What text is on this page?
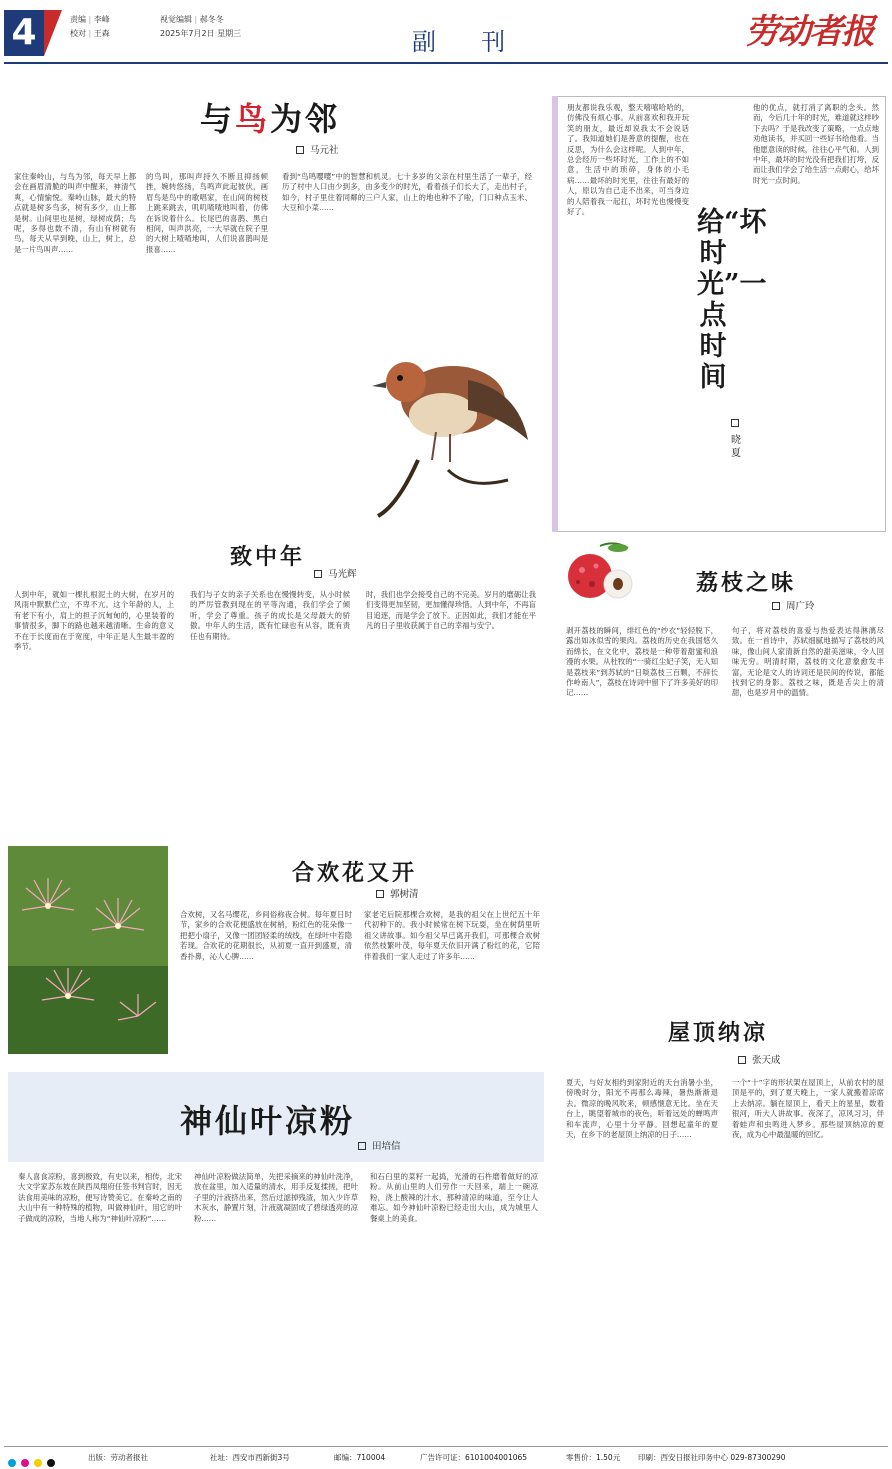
4	责编 | 李峰
校对 | 王森
视觉编辑 | 郝冬冬
2025年7月2日 星期三	副  刊	劳动者报
与鸟为邻
马元社
家住秦岭山，与鸟为邻，每天早上都会在画眉清脆的叫声中醒来，神清气爽，心情愉悦。秦岭山脉，最大的特点就是树多鸟多，树有多少，山上都是树。山间里也是树，绿树成荫；鸟呢，多得也数不清，有山有树就有鸟，每天从早到晚，山上，树上，总是一片鸟叫声……
的鸟叫，那叫声持久不断且抑扬顿挫，婉转悠扬，鸟鸣声此起彼伏，画眉鸟是鸟中的歌唱家，在山间的树枝上跳来跳去，叽叽喳喳地叫着，仿佛在诉说着什么。长尾巴的喜鹊、黑白相间，叫声洪亮，一大早就在院子里的大树上喳喳地叫，人们说喜鹊叫是报喜……
看到“鸟鸣嘤嘤”中的智慧和机灵。七十多岁的父亲在村里生活了一辈子，经历了村中人口由少到多，由多变少的时光，看着孩子们长大了，走出村子，如今，村子里住着同鄰的三户人家，山上的地也种不了啦，门口种点玉米、大豆和小菜……
朋友都说我乐观，整天嘻嘻哈哈的，仿佛没有烦心事。从前喜欢和我开玩笑的朋友，最近却说我太不会说话了。我知道她们是善意的提醒，也在反思，为什么会这样呢。人到中年，总会经历一些坏时光，工作上的不如意，生活中的琐碎，身体的小毛病……最坏的时光里，往往有最好的人，原以为自己走不出来，可当身边的人陪着我一起扛，坏时光也慢慢变好了。	给“坏时光”一点时间
晓夏
他的优点，就打消了离职的念头。然而，今后几十年的时光，难道就这样吵下去吗？于是我改变了策略，一点点地劝他读书，并买回一些好书给他看。当他愿意读的时候，往往心平气和。人到中年，最坏的时光没有把我们打垮，反而让我们学会了给生活一点耐心，给坏时光一点时间。
致中年
马光辉
人到中年，就如一棵扎根泥土的大树，在岁月的风雨中默默伫立，不卑不亢。这个年龄的人，上有老下有小，肩上的担子沉甸甸的，心里装着的事情很多，脚下的路也越来越清晰。生命的意义不在于长度而在于宽度，中年正是人生最丰盈的季节。
我们与子女的亲子关系也在慢慢转变，从小时候的严厉管教到现在的平等沟通，我们学会了倾听，学会了尊重。孩子的成长是父母最大的骄傲。中年人的生活，既有忙碌也有从容，既有责任也有期待。
时，我们也学会接受自己的不完美。岁月的磨砺让我们变得更加坚韧，更加懂得珍惜。人到中年，不再盲目追逐，而是学会了放下。正因如此，我们才能在平凡的日子里收获属于自己的幸福与安宁。
荔枝之味
周广玲
剥开荔枝的瞬间，绯红色的“纱衣”轻轻脱下，露出如冰似雪的果肉。荔枝的历史在我国悠久而绵长，在文化中，荔枝是一种带着甜蜜和浪漫的水果。从杜牧的“一骑红尘妃子笑，无人知是荔枝来”到苏轼的“日啖荔枝三百颗，不辞长作岭南人”，荔枝在诗词中留下了许多美好的印记……
句子，将对荔枝的喜爱与热爱表达得淋漓尽致。在一首诗中，苏轼细腻地描写了荔枝的风味，像山间人家清新自然的甜美滋味，令人回味无穷。明清时期，荔枝的文化意象愈发丰富，无论是文人的诗词还是民间的传说，都能找到它的身影。荔枝之味，既是舌尖上的清甜，也是岁月中的温情。
合欢花又开
郭树清
合欢树，又名马缨花，乡间俗称夜合树。每年夏日时节，家乡的合欢花便盛放在树梢，粉红色的花朵像一把把小扇子，又像一团团轻柔的绒线，在绿叶中若隐若现。合欢花的花期很长，从初夏一直开到盛夏，清香扑鼻，沁人心脾……
家老宅后院那棵合欢树，是我的祖父在上世纪五十年代初种下的。我小时候常在树下玩耍，坐在树荫里听祖父讲故事。如今祖父早已离开我们，可那棵合欢树依然枝繁叶茂，每年夏天依旧开满了粉红的花，它陪伴着我们一家人走过了许多年……
屋顶纳凉
张天成
夏天，与好友相约到家附近的天台消暑小坐，傍晚时分，阳光不再那么毒辣，暑热渐渐退去。微凉的晚风吹来，顿感惬意无比。坐在天台上，眺望着城市的夜色，听着远处的蝉鸣声和车流声，心里十分平静。回想起童年的夏天，在乡下的老屋顶上纳凉的日子……
一个“十”字的形状架在屋顶上，从前农村的屋顶是平的，到了夏天晚上，一家人就搬着凉席上去纳凉。躺在屋顶上，看天上的星星，数着银河，听大人讲故事。夜深了，凉风习习，伴着蛙声和虫鸣进入梦乡。那些屋顶纳凉的夏夜，成为心中最温暖的回忆。
神仙叶凉粉
田培信
秦人喜食凉粉，喜到极致，有史以来，相传，北宋大文学家苏东坡在陕西凤翔府任签书判官时，因无法食用美味的凉粉，便写诗赞美它。在秦岭之南的大山中有一种特殊的植物，叫做神仙叶，用它的叶子做成的凉粉，当地人称为“神仙叶凉粉”……
神仙叶凉粉做法简单，先把采摘来的神仙叶洗净，放在盆里，加入适量的清水，用手反复揉搓，把叶子里的汁液挤出来，然后过滤掉残渣，加入少许草木灰水，静置片刻，汁液就凝固成了碧绿透亮的凉粉……
和石臼里的菜籽一起捣，光滑的石杵磨着做好的凉粉。从前山里的人们劳作一天回来，端上一碗凉粉，浇上酸辣的汁水，那种清凉的味道，至今让人难忘。如今神仙叶凉粉已经走出大山，成为城里人餐桌上的美食。

出版：劳动者报社	社址：西安市西新街3号	邮编：710004	广告许可证：6101004001065	零售价：1.50元 印刷：西安日报社印务中心 029-87300290
